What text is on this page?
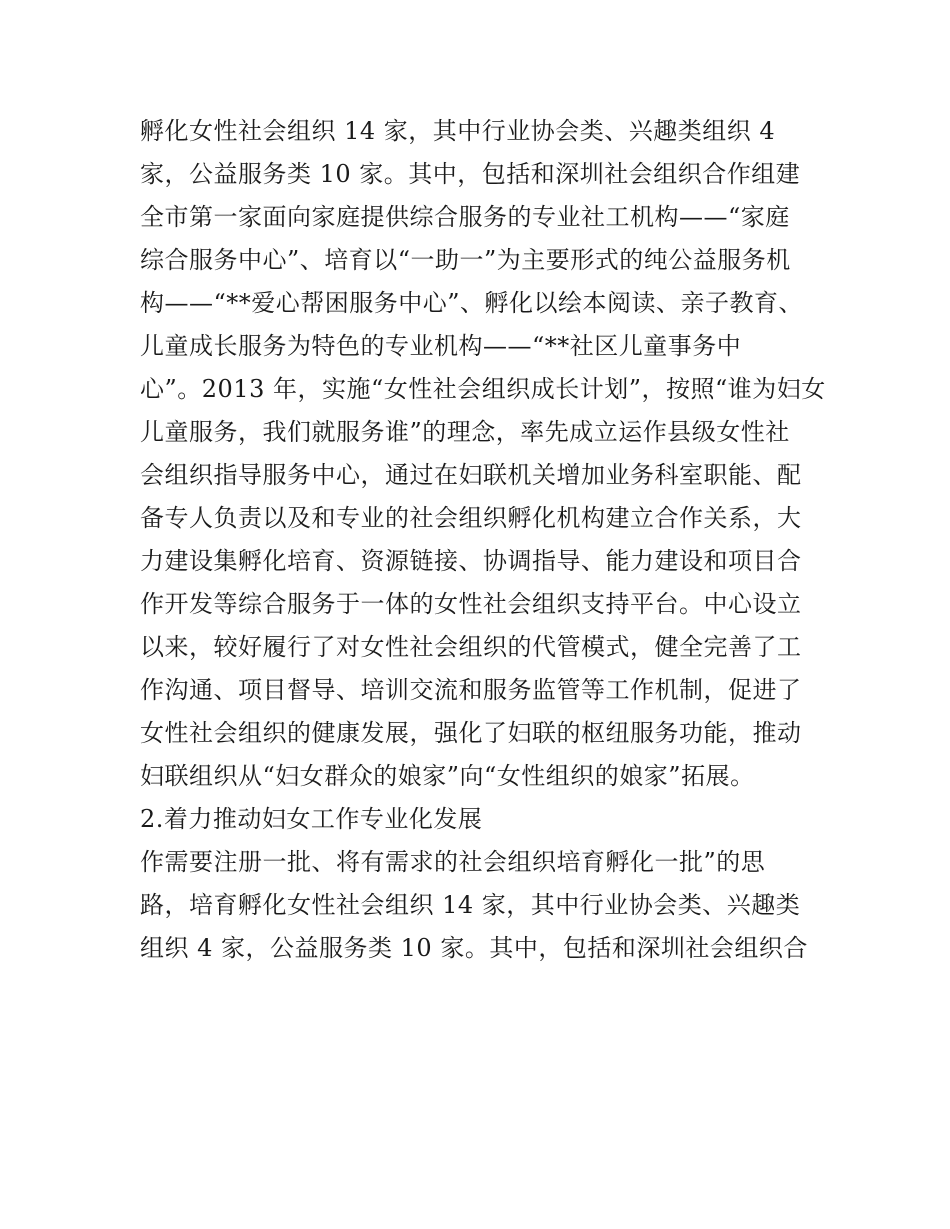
孵化女性社会组织 14 家，其中行业协会类、兴趣类组织 4
家，公益服务类 10 家。其中，包括和深圳社会组织合作组建
全市第一家面向家庭提供综合服务的专业社工机构——“家庭
综合服务中心”、培育以“一助一”为主要形式的纯公益服务机
构——“**爱心帮困服务中心”、孵化以绘本阅读、亲子教育、
儿童成长服务为特色的专业机构——“**社区儿童事务中
心”。2013 年，实施“女性社会组织成长计划”，按照“谁为妇女
儿童服务，我们就服务谁”的理念，率先成立运作县级女性社
会组织指导服务中心，通过在妇联机关增加业务科室职能、配
备专人负责以及和专业的社会组织孵化机构建立合作关系，大
力建设集孵化培育、资源链接、协调指导、能力建设和项目合
作开发等综合服务于一体的女性社会组织支持平台。中心设立
以来，较好履行了对女性社会组织的代管模式，健全完善了工
作沟通、项目督导、培训交流和服务监管等工作机制，促进了
女性社会组织的健康发展，强化了妇联的枢纽服务功能，推动
妇联组织从“妇女群众的娘家”向“女性组织的娘家”拓展。
2.着力推动妇女工作专业化发展
作需要注册一批、将有需求的社会组织培育孵化一批”的思
路，培育孵化女性社会组织 14 家，其中行业协会类、兴趣类
组织 4 家，公益服务类 10 家。其中，包括和深圳社会组织合
